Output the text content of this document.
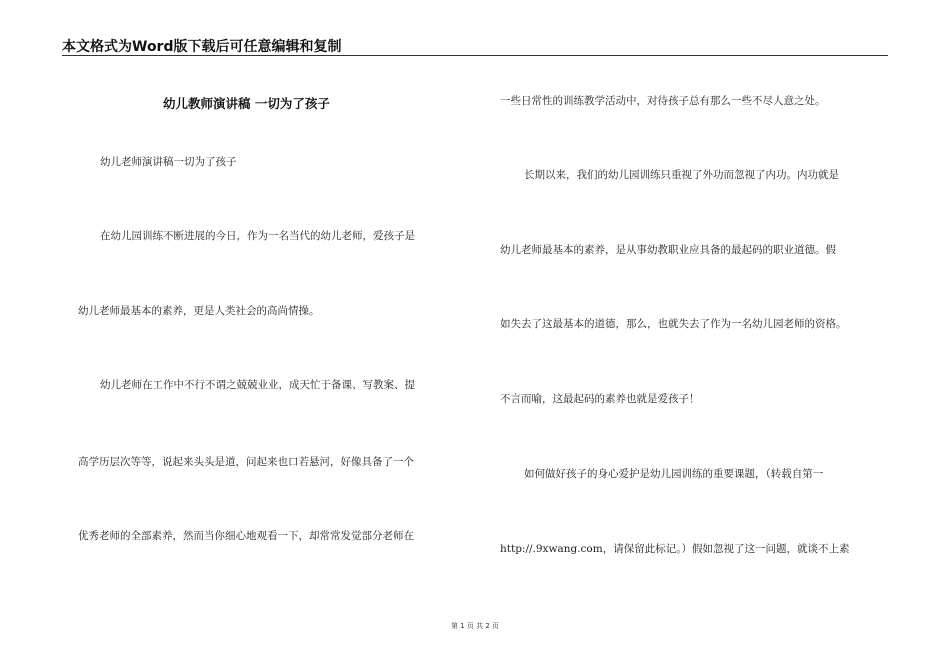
本文格式为Word版下载后可任意编辑和复制
幼儿教师演讲稿 一切为了孩子
幼儿老师演讲稿一切为了孩子
在幼儿园训练不断进展的今日，作为一名当代的幼儿老师，爱孩子是
幼儿老师最基本的素养，更是人类社会的高尚情操。
幼儿老师在工作中不行不谓之兢兢业业，成天忙于备课、写教案、提
高学历层次等等，说起来头头是道，问起来也口若悬河，好像具备了一个
优秀老师的全部素养，然而当你细心地观看一下，却常常发觉部分老师在
一些日常性的训练教学活动中，对待孩子总有那么一些不尽人意之处。
长期以来，我们的幼儿园训练只重视了外功而忽视了内功。内功就是
幼儿老师最基本的素养，是从事幼教职业应具备的最起码的职业道德。假
如失去了这最基本的道德，那么，也就失去了作为一名幼儿园老师的资格。
不言而喻，这最起码的素养也就是爱孩子！
如何做好孩子的身心爱护是幼儿园训练的重要课题，（转载自第一
http://.9xwang.com，请保留此标记。）假如忽视了这一问题，就谈不上素
第 1 页 共 2 页
